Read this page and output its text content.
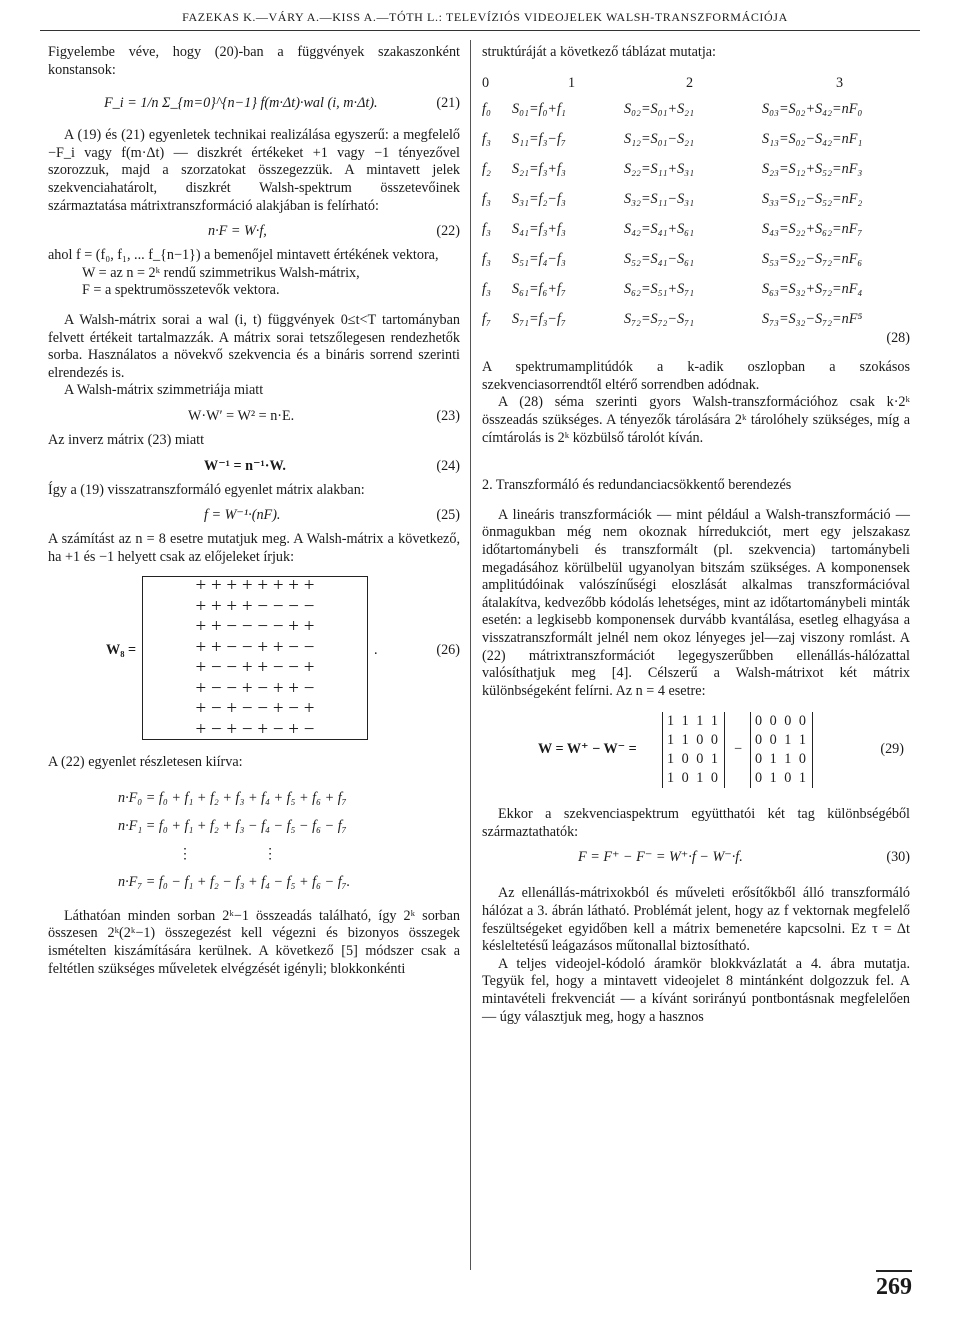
FAZEKAS K.—VÁRY A.—KISS A.—TÓTH L.: TELEVÍZIÓS VIDEOJELEK WALSH-TRANSZFORMÁCIÓJA

Figyelembe véve, hogy (20)-ban a függvények szakaszonként konstansok:

F_i = 1/n Σ_{m=0}^{n−1} f(m·Δt)·wal (i, m·Δt).	(21)

A (19) és (21) egyenletek technikai realizálása egyszerű: a megfelelő −F_i vagy f(m·Δt) — diszkrét értékeket +1 vagy −1 tényezővel szorozzuk, majd a szorzatokat összegezzük. A mintavett jelek szekvenciahatárolt, diszkrét Walsh-spektrum összetevőinek származtatása mátrixtranszformáció alakjában is felírható:

n·F = W·f,	(22)

ahol f = (f₀, f₁, ... f_{n−1}) a bemenőjel mintavett értékének vektora,

W = az n = 2ᵏ rendű szimmetrikus Walsh-mátrix,

F = a spektrumösszetevők vektora.

A Walsh-mátrix sorai a wal (i, t) függvények 0≤t<T tartományban felvett értékeit tartalmazzák. A mátrix sorai tetszőlegesen rendezhetők sorba. Használatos a növekvő szekvencia és a bináris sorrend szerinti elrendezés is.

A Walsh-mátrix szimmetriája miatt

W·W′ = W² = n·E.	(23)

Az inverz mátrix (23) miatt

W⁻¹ = n⁻¹·W.	(24)

Így a (19) visszatranszformáló egyenlet mátrix alakban:

f = W⁻¹·(nF).	(25)

A számítást az n = 8 esetre mutatjuk meg. A Walsh-mátrix a következő, ha +1 és −1 helyett csak az előjeleket írjuk:

W₈ =
+ + + + + + + +
+ + + + − − − −
+ + − − − − + +
+ + − − + + − −
+ − − + + − − +
+ − − + − + + −
+ − + − − + − +
+ − + − + − + −
.	(26)

A (22) egyenlet részletesen kiírva:

n·F₀ = f₀ + f₁ + f₂ + f₃ + f₄ + f₅ + f₆ + f₇
n·F₁ = f₀ + f₁ + f₂ + f₃ − f₄ − f₅ − f₆ − f₇
⋮                    ⋮
n·F₇ = f₀ − f₁ + f₂ − f₃ + f₄ − f₅ + f₆ − f₇.

Láthatóan minden sorban 2ᵏ−1 összeadás található, így 2ᵏ sorban összesen 2ᵏ(2ᵏ−1) összegezést kell végezni és bizonyos összegek ismételten kiszámítására kerülnek. A következő [5] módszer csak a feltétlen szükséges műveletek elvégzését igényli; blokkonkénti

struktúráját a következő táblázat mutatja:

0	1	2	3
f₀	S₀₁=f₀+f₁	S₀₂=S₀₁+S₂₁	S₀₃=S₀₂+S₄₂=nF₀
f₃	S₁₁=f₃−f₇	S₁₂=S₀₁−S₂₁	S₁₃=S₀₂−S₄₂=nF₁
f₂	S₂₁=f₃+f₃	S₂₂=S₁₁+S₃₁	S₂₃=S₁₂+S₅₂=nF₃
f₃	S₃₁=f₂−f₃	S₃₂=S₁₁−S₃₁	S₃₃=S₁₂−S₅₂=nF₂
f₃	S₄₁=f₃+f₃	S₄₂=S₄₁+S₆₁	S₄₃=S₂₂+S₆₂=nF₇
f₃	S₅₁=f₄−f₃	S₅₂=S₄₁−S₆₁	S₅₃=S₂₂−S₇₂=nF₆
f₃	S₆₁=f₆+f₇	S₆₂=S₅₁+S₇₁	S₆₃=S₃₂+S₇₂=nF₄
f₇	S₇₁=f₃−f₇	S₇₂=S₇₂−S₇₁	S₇₃=S₃₂−S₇₂=nF⁵
(28)

A spektrumamplitúdók a k-adik oszlopban a szokásos szekvenciasorrendtől eltérő sorrendben adódnak.

A (28) séma szerinti gyors Walsh-transzformációhoz csak k·2ᵏ összeadás szükséges. A tényezők tárolására 2ᵏ tárolóhely szükséges, míg a címtárolás is 2ᵏ közbülső tárolót kíván.

2. Transzformáló és redundanciacsökkentő berendezés

A lineáris transzformációk — mint például a Walsh-transzformáció — önmagukban még nem okoznak hírredukciót, mert egy jelszakasz időtartománybeli és transzformált (pl. szekvencia) tartománybeli megadásához körülbelül ugyanolyan bitszám szükséges. A komponensek amplitúdóinak valószínűségi eloszlását alkalmas transzformációval átalakítva, kedvezőbb kódolás lehetséges, mint az időtartománybeli minták esetén: a legkisebb komponensek durvább kvantálása, esetleg elhagyása a visszatranszformált jelnél nem okoz lényeges jel—zaj viszony romlást. A (22) mátrixtranszformációt legegyszerűbben ellenállás-hálózattal valósíthatjuk meg [4]. Célszerű a Walsh-mátrixot két mátrix különbségeként felírni. Az n = 4 esetre:

W = W⁺ − W⁻ =
1 1 1 1
1 1 0 0
1 0 0 1
1 0 1 0
−
0 0 0 0
0 0 1 1
0 1 1 0
0 1 0 1
(29)

Ekkor a szekvenciaspektrum együtthatói két tag különbségéből származtathatók:

F = F⁺ − F⁻ = W⁺·f − W⁻·f.	(30)

Az ellenállás-mátrixokból és műveleti erősítőkből álló transzformáló hálózat a 3. ábrán látható. Problémát jelent, hogy az f vektornak megfelelő feszültségeket egyidőben kell a mátrix bemenetére kapcsolni. Ez τ = Δt késleltetésű leágazásos műtonallal biztosítható.

A teljes videojel-kódoló áramkör blokkvázlatát a 4. ábra mutatja. Tegyük fel, hogy a mintavett videojelet 8 mintánként dolgozzuk fel. A mintavételi frekvenciát — a kívánt sorirányú pontbontásnak megfelelően — úgy választjuk meg, hogy a hasznos

269
